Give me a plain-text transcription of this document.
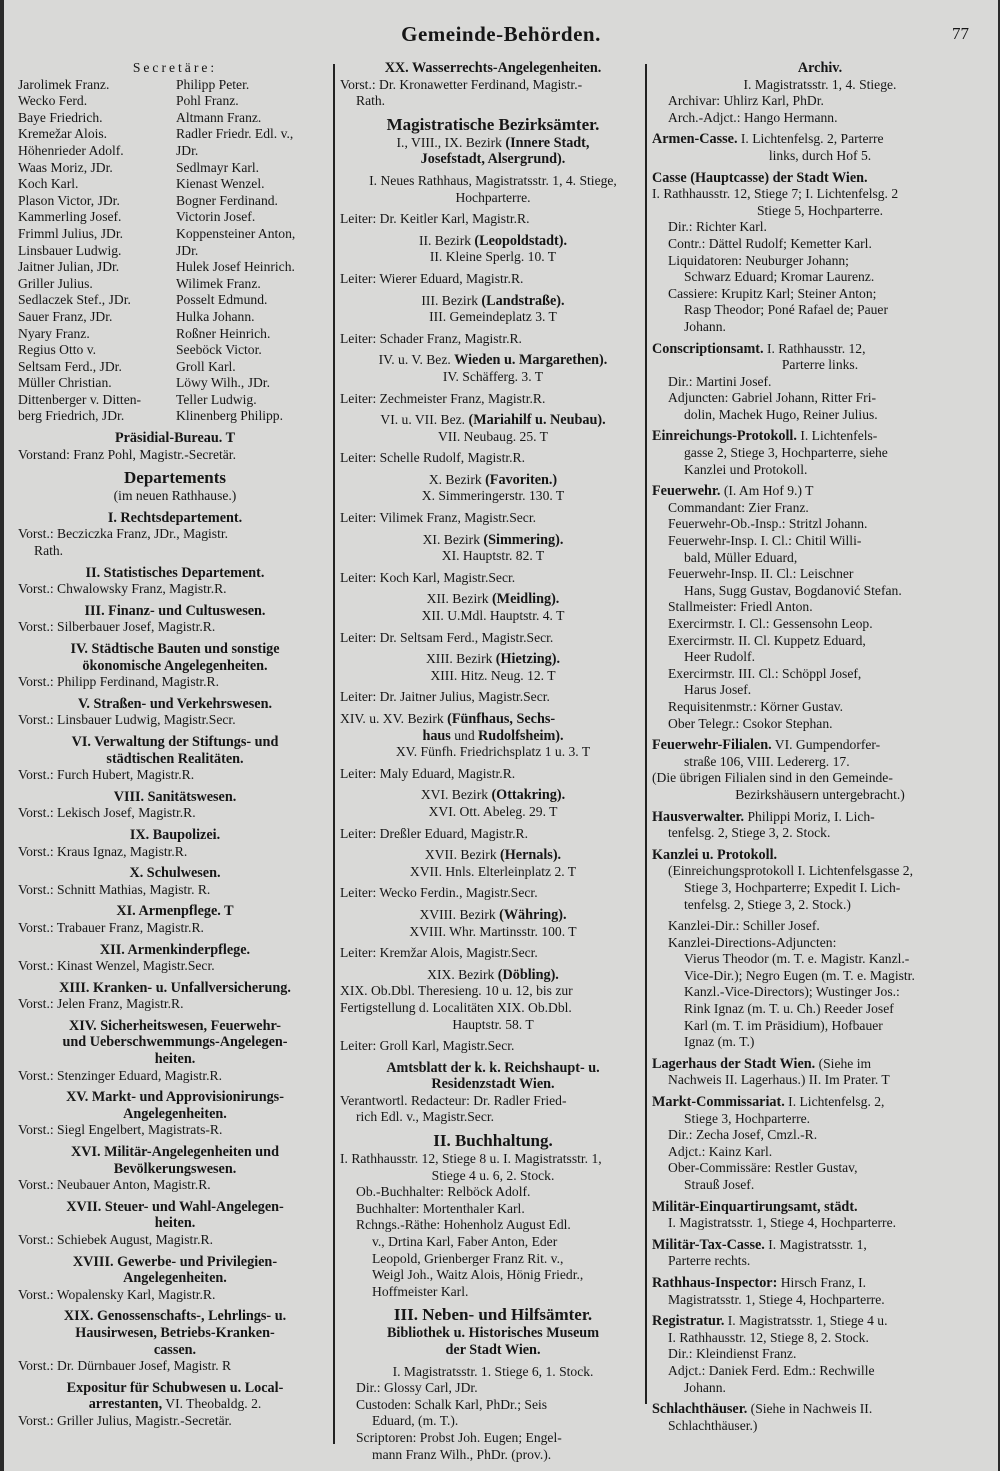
Gemeinde-Behörden.	77
Secretäre:
Jarolimek Franz.	Philipp Peter.
Wecko Ferd.	Pohl Franz.
Baye Friedrich.	Altmann Franz.
Kremežar Alois.	Radler Friedr. Edl. v.,
Höhenrieder Adolf.	JDr.
Waas Moriz, JDr.	Sedlmayr Karl.
Koch Karl.	Kienast Wenzel.
Plason Victor, JDr.	Bogner Ferdinand.
Kammerling Josef.	Victorin Josef.
Frimml Julius, JDr.	Koppensteiner Anton,
Linsbauer Ludwig.	JDr.
Jaitner Julian, JDr.	Hulek Josef Heinrich.
Griller Julius.	Wilimek Franz.
Sedlaczek Stef., JDr.	Posselt Edmund.
Sauer Franz, JDr.	Hulka Johann.
Nyary Franz.	Roßner Heinrich.
Regius Otto v.	Seeböck Victor.
Seltsam Ferd., JDr.	Groll Karl.
Müller Christian.	Löwy Wilh., JDr.
Dittenberger v. Ditten-	Teller Ludwig.
berg Friedrich, JDr.	Klinenberg Philipp.
Präsidial-Bureau. T
Vorstand: Franz Pohl, Magistr.-Secretär.
Departements
(im neuen Rathhause.)
I. Rechtsdepartement.
Vorst.: Becziczka Franz, JDr., Magistr.
Rath.
II. Statistisches Departement.
Vorst.: Chwalowsky Franz, Magistr.R.
III. Finanz- und Cultuswesen.
Vorst.: Silberbauer Josef, Magistr.R.
IV. Städtische Bauten und sonstige
ökonomische Angelegenheiten.
Vorst.: Philipp Ferdinand, Magistr.R.
V. Straßen- und Verkehrswesen.
Vorst.: Linsbauer Ludwig, Magistr.Secr.
VI. Verwaltung der Stiftungs- und
städtischen Realitäten.
Vorst.: Furch Hubert, Magistr.R.
VIII. Sanitätswesen.
Vorst.: Lekisch Josef, Magistr.R.
IX. Baupolizei.
Vorst.: Kraus Ignaz, Magistr.R.
X. Schulwesen.
Vorst.: Schnitt Mathias, Magistr. R.
XI. Armenpflege. T
Vorst.: Trabauer Franz, Magistr.R.
XII. Armenkinderpflege.
Vorst.: Kinast Wenzel, Magistr.Secr.
XIII. Kranken- u. Unfallversicherung.
Vorst.: Jelen Franz, Magistr.R.
XIV. Sicherheitswesen, Feuerwehr-
und Ueberschwemmungs-Angelegen-
heiten.
Vorst.: Stenzinger Eduard, Magistr.R.
XV. Markt- und Approvisionirungs-
Angelegenheiten.
Vorst.: Siegl Engelbert, Magistrats-R.
XVI. Militär-Angelegenheiten und
Bevölkerungswesen.
Vorst.: Neubauer Anton, Magistr.R.
XVII. Steuer- und Wahl-Angelegen-
heiten.
Vorst.: Schiebek August, Magistr.R.
XVIII. Gewerbe- und Privilegien-
Angelegenheiten.
Vorst.: Wopalensky Karl, Magistr.R.
XIX. Genossenschafts-, Lehrlings- u.
Hausirwesen, Betriebs-Kranken-
cassen.
Vorst.: Dr. Dürnbauer Josef, Magistr. R
Expositur für Schubwesen u. Local-
arrestanten, VI. Theobaldg. 2.
Vorst.: Griller Julius, Magistr.-Secretär.
XX. Wasserrechts-Angelegenheiten.
Vorst.: Dr. Kronawetter Ferdinand, Magistr.-
Rath.
Magistratische Bezirksämter.
I., VIII., IX. Bezirk (Innere Stadt,
Josefstadt, Alsergrund).
I. Neues Rathhaus, Magistratsstr. 1, 4. Stiege,
Hochparterre.
Leiter: Dr. Keitler Karl, Magistr.R.
II. Bezirk (Leopoldstadt).
II. Kleine Sperlg. 10. T
Leiter: Wierer Eduard, Magistr.R.
III. Bezirk (Landstraße).
III. Gemeindeplatz 3. T
Leiter: Schader Franz, Magistr.R.
IV. u. V. Bez. Wieden u. Margarethen).
IV. Schäfferg. 3. T
Leiter: Zechmeister Franz, Magistr.R.
VI. u. VII. Bez. (Mariahilf u. Neubau).
VII. Neubaug. 25. T
Leiter: Schelle Rudolf, Magistr.R.
X. Bezirk (Favoriten.)
X. Simmeringerstr. 130. T
Leiter: Vilimek Franz, Magistr.Secr.
XI. Bezirk (Simmering).
XI. Hauptstr. 82. T
Leiter: Koch Karl, Magistr.Secr.
XII. Bezirk (Meidling).
XII. U.Mdl. Hauptstr. 4. T
Leiter: Dr. Seltsam Ferd., Magistr.Secr.
XIII. Bezirk (Hietzing).
XIII. Hitz. Neug. 12. T
Leiter: Dr. Jaitner Julius, Magistr.Secr.
XIV. u. XV. Bezirk (Fünfhaus, Sechs-
haus und Rudolfsheim).
XV. Fünfh. Friedrichsplatz 1 u. 3. T
Leiter: Maly Eduard, Magistr.R.
XVI. Bezirk (Ottakring).
XVI. Ott. Abeleg. 29. T
Leiter: Dreßler Eduard, Magistr.R.
XVII. Bezirk (Hernals).
XVII. Hnls. Elterleinplatz 2. T
Leiter: Wecko Ferdin., Magistr.Secr.
XVIII. Bezirk (Währing).
XVIII. Whr. Martinsstr. 100. T
Leiter: Kremžar Alois, Magistr.Secr.
XIX. Bezirk (Döbling).
XIX. Ob.Dbl. Theresieng. 10 u. 12, bis zur
Fertigstellung d. Localitäten XIX. Ob.Dbl.
Hauptstr. 58. T
Leiter: Groll Karl, Magistr.Secr.
Amtsblatt der k. k. Reichshaupt- u.
Residenzstadt Wien.
Verantwortl. Redacteur: Dr. Radler Fried-
rich Edl. v., Magistr.Secr.
II. Buchhaltung.
I. Rathhausstr. 12, Stiege 8 u. I. Magistratsstr. 1,
Stiege 4 u. 6, 2. Stock.
Ob.-Buchhalter: Relböck Adolf.
Buchhalter: Mortenthaler Karl.
Rchngs.-Räthe: Hohenholz August Edl.
v., Drtina Karl, Faber Anton, Eder
Leopold, Grienberger Franz Rit. v.,
Weigl Joh., Waitz Alois, Hönig Friedr.,
Hoffmeister Karl.
III. Neben- und Hilfsämter.
Bibliothek u. Historisches Museum
der Stadt Wien.
I. Magistratsstr. 1. Stiege 6, 1. Stock.
Dir.: Glossy Carl, JDr.
Custoden: Schalk Karl, PhDr.; Seis
Eduard, (m. T.).
Scriptoren: Probst Joh. Eugen; Engel-
mann Franz Wilh., PhDr. (prov.).
Archiv.
I. Magistratsstr. 1, 4. Stiege.
Archivar: Uhlirz Karl, PhDr.
Arch.-Adjct.: Hango Hermann.
Armen-Casse. I. Lichtenfelsg. 2, Parterre
links, durch Hof 5.
Casse (Hauptcasse) der Stadt Wien.
I. Rathhausstr. 12, Stiege 7; I. Lichtenfelsg. 2
Stiege 5, Hochparterre.
Dir.: Richter Karl.
Contr.: Dättel Rudolf; Kemetter Karl.
Liquidatoren: Neuburger Johann;
Schwarz Eduard; Kromar Laurenz.
Cassiere: Krupitz Karl; Steiner Anton;
Rasp Theodor; Poné Rafael de; Pauer
Johann.
Conscriptionsamt. I. Rathhausstr. 12,
Parterre links.
Dir.: Martini Josef.
Adjuncten: Gabriel Johann, Ritter Fri-
dolin, Machek Hugo, Reiner Julius.
Einreichungs-Protokoll. I. Lichtenfels-
gasse 2, Stiege 3, Hochparterre, siehe
Kanzlei und Protokoll.
Feuerwehr. (I. Am Hof 9.) T
Commandant: Zier Franz.
Feuerwehr-Ob.-Insp.: Stritzl Johann.
Feuerwehr-Insp. I. Cl.: Chitil Willi-
bald, Müller Eduard,
Feuerwehr-Insp. II. Cl.: Leischner
Hans, Sugg Gustav, Bogdanović Stefan.
Stallmeister: Friedl Anton.
Exercirmstr. I. Cl.: Gessensohn Leop.
Exercirmstr. II. Cl. Kuppetz Eduard,
Heer Rudolf.
Exercirmstr. III. Cl.: Schöppl Josef,
Harus Josef.
Requisitenmstr.: Körner Gustav.
Ober Telegr.: Csokor Stephan.
Feuerwehr-Filialen. VI. Gumpendorfer-
straße 106, VIII. Ledererg. 17.
(Die übrigen Filialen sind in den Gemeinde-
Bezirkshäusern untergebracht.)
Hausverwalter. Philippi Moriz, I. Lich-
tenfelsg. 2, Stiege 3, 2. Stock.
Kanzlei u. Protokoll.
(Einreichungsprotokoll I. Lichtenfelsgasse 2,
Stiege 3, Hochparterre; Expedit I. Lich-
tenfelsg. 2, Stiege 3, 2. Stock.)
Kanzlei-Dir.: Schiller Josef.
Kanzlei-Directions-Adjuncten:
Vierus Theodor (m. T. e. Magistr. Kanzl.-
Vice-Dir.); Negro Eugen (m. T. e. Magistr.
Kanzl.-Vice-Directors); Wustinger Jos.:
Rink Ignaz (m. T. u. Ch.) Reeder Josef
Karl (m. T. im Präsidium), Hofbauer
Ignaz (m. T.)
Lagerhaus der Stadt Wien. (Siehe im
Nachweis II. Lagerhaus.) II. Im Prater. T
Markt-Commissariat. I. Lichtenfelsg. 2,
Stiege 3, Hochparterre.
Dir.: Zecha Josef, Cmzl.-R.
Adjct.: Kainz Karl.
Ober-Commissäre: Restler Gustav,
Strauß Josef.
Militär-Einquartirungsamt, städt.
I. Magistratsstr. 1, Stiege 4, Hochparterre.
Militär-Tax-Casse. I. Magistratsstr. 1,
Parterre rechts.
Rathhaus-Inspector: Hirsch Franz, I.
Magistratsstr. 1, Stiege 4, Hochparterre.
Registratur. I. Magistratsstr. 1, Stiege 4 u.
I. Rathhausstr. 12, Stiege 8, 2. Stock.
Dir.: Kleindienst Franz.
Adjct.: Daniek Ferd. Edm.: Rechwille
Johann.
Schlachthäuser. (Siehe in Nachweis II.
Schlachthäuser.)
